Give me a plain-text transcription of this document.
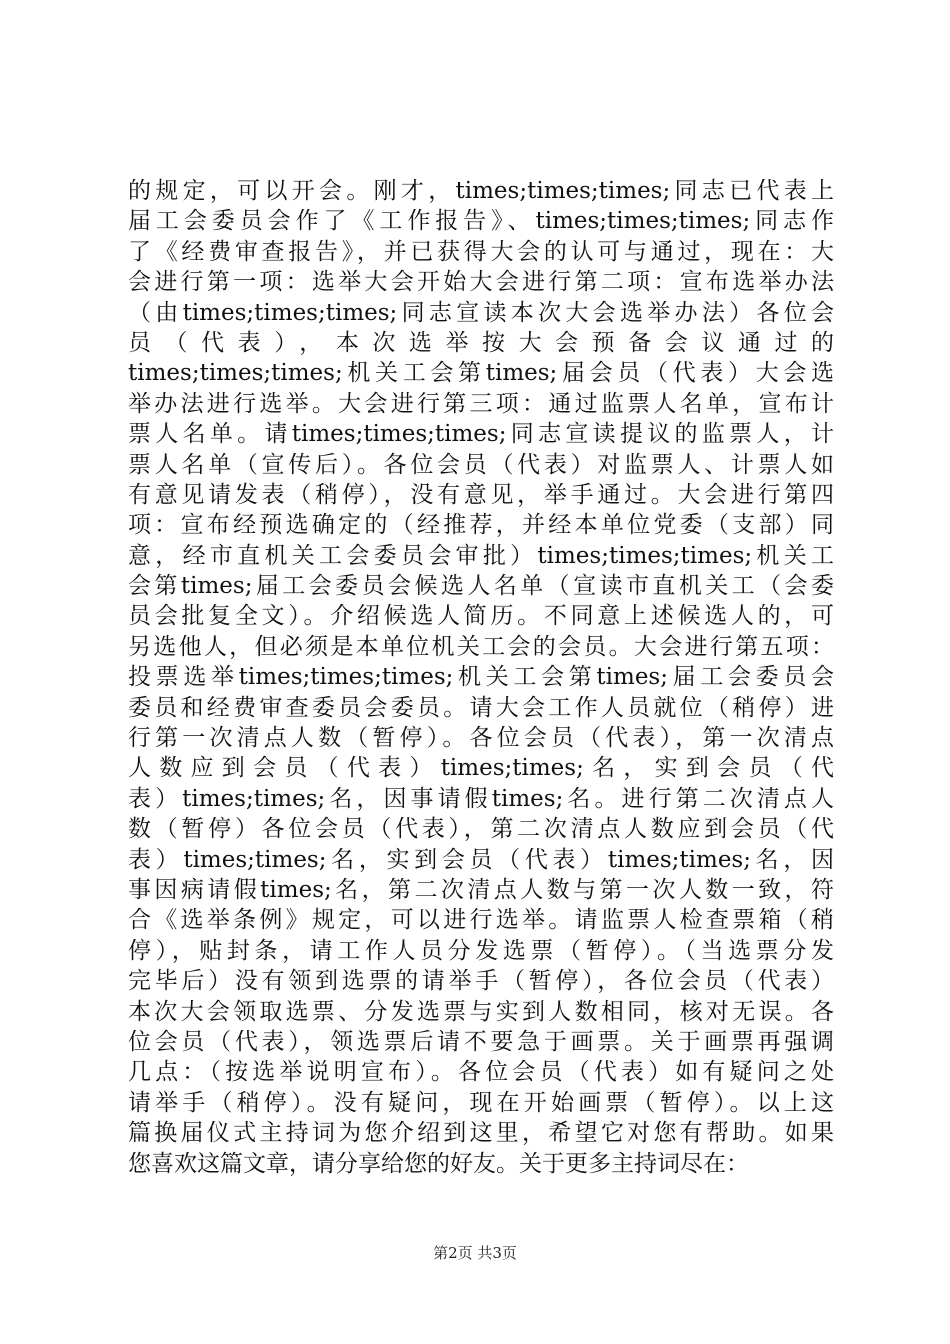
的规定，可以开会。刚才，times;times;times;同志已代表上
届工会委员会作了《工作报告》、times;times;times;同志作
了《经费审查报告》，并已获得大会的认可与通过，现在：大
会进行第一项：选举大会开始大会进行第二项：宣布选举办法
（由times;times;times;同志宣读本次大会选举办法）各位会
员（代表），本次选举按大会预备会议通过的
times;times;times;机关工会第times;届会员（代表）大会选
举办法进行选举。大会进行第三项：通过监票人名单，宣布计
票人名单。请times;times;times;同志宣读提议的监票人，计
票人名单（宣传后）。各位会员（代表）对监票人、计票人如
有意见请发表（稍停），没有意见，举手通过。大会进行第四
项：宣布经预选确定的（经推荐，并经本单位党委（支部）同
意，经市直机关工会委员会审批）times;times;times;机关工
会第times;届工会委员会候选人名单（宣读市直机关工（会委
员会批复全文）。介绍候选人简历。不同意上述候选人的，可
另选他人，但必须是本单位机关工会的会员。大会进行第五项：
投票选举times;times;times;机关工会第times;届工会委员会
委员和经费审查委员会委员。请大会工作人员就位（稍停）进
行第一次清点人数（暂停）。各位会员（代表），第一次清点
人数应到会员（代表）times;times;名，实到会员（代
表）times;times;名，因事请假times;名。进行第二次清点人
数（暂停）各位会员（代表），第二次清点人数应到会员（代
表）times;times;名，实到会员（代表）times;times;名，因
事因病请假times;名，第二次清点人数与第一次人数一致，符
合《选举条例》规定，可以进行选举。请监票人检查票箱（稍
停），贴封条，请工作人员分发选票（暂停）。（当选票分发
完毕后）没有领到选票的请举手（暂停），各位会员（代表）
本次大会领取选票、分发选票与实到人数相同，核对无误。各
位会员（代表），领选票后请不要急于画票。关于画票再强调
几点：（按选举说明宣布）。各位会员（代表）如有疑问之处
请举手（稍停）。没有疑问，现在开始画票（暂停）。以上这
篇换届仪式主持词为您介绍到这里，希望它对您有帮助。如果
您喜欢这篇文章，请分享给您的好友。关于更多主持词尽在：
第2页 共3页
